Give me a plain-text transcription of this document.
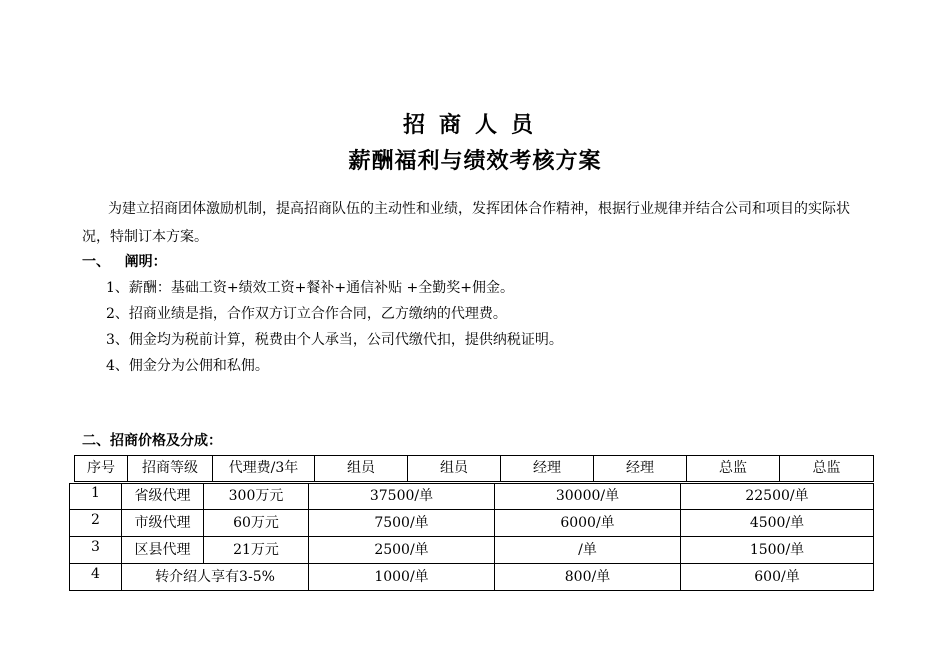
招商人员
薪酬福利与绩效考核方案
为建立招商团体激励机制，提高招商队伍的主动性和业绩，发挥团体合作精神，根据行业规律并结合公司和项目的实际状况，特制订本方案。
一、   阐明：
1、薪酬：基础工资+绩效工资+餐补+通信补贴 +全勤奖+佣金。
2、招商业绩是指，合作双方订立合作合同，乙方缴纳的代理费。
3、佣金均为税前计算，税费由个人承当，公司代缴代扣，提供纳税证明。
4、佣金分为公佣和私佣。
二、招商价格及分成：
序号	招商等级	代理费/3年	组员	组员	经理	经理	总监	总监
1	省级代理	300万元	37500/单	30000/单	22500/单
2	市级代理	60万元	7500/单	6000/单	4500/单
3	区县代理	21万元	2500/单	/单	1500/单
4	转介绍人享有3-5%	1000/单	800/单	600/单
